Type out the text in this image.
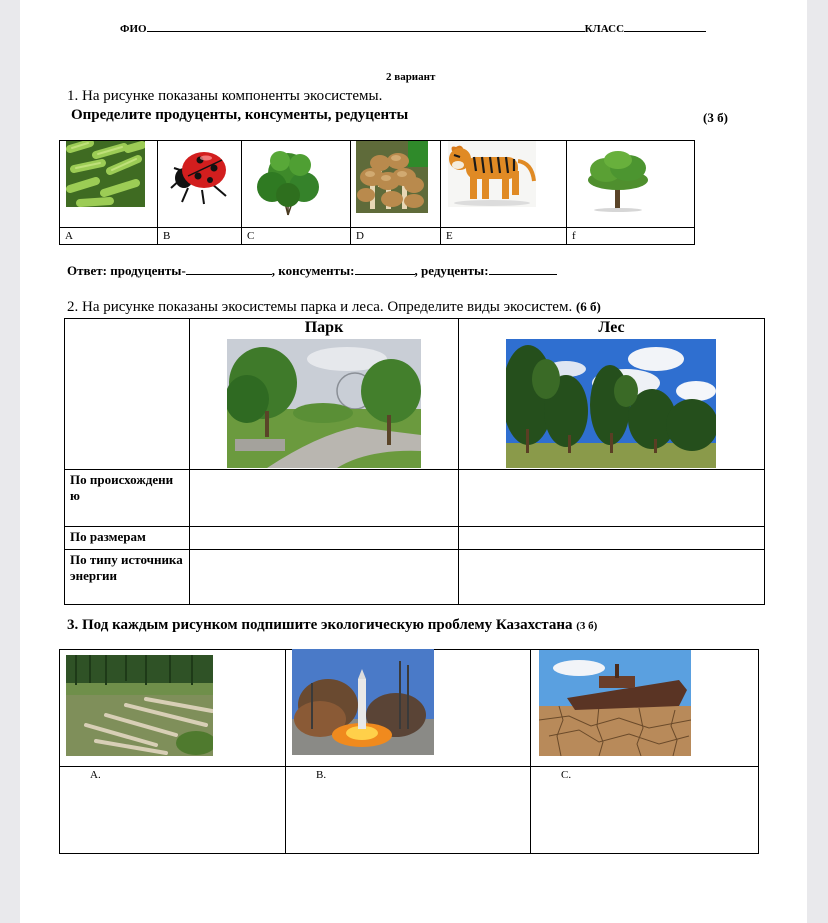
ФИО	КЛАСС
2 вариант
1. На рисунке показаны компоненты экосистемы.
Определите продуценты, консументы, редуценты	(3 б)

A	B	C	D	E	f
Ответ: продуценты-	, консументы:	, редуценты:
2. На рисунке показаны экосистемы парка и леса. Определите виды экосистем. (6 б)
	Парк	Лес
По происхождени ю		
По размерам		
По типу источника энергии		
3. Под каждым рисунком подпишите экологическую проблему Казахстана (3 б)

A.	B.	C.
